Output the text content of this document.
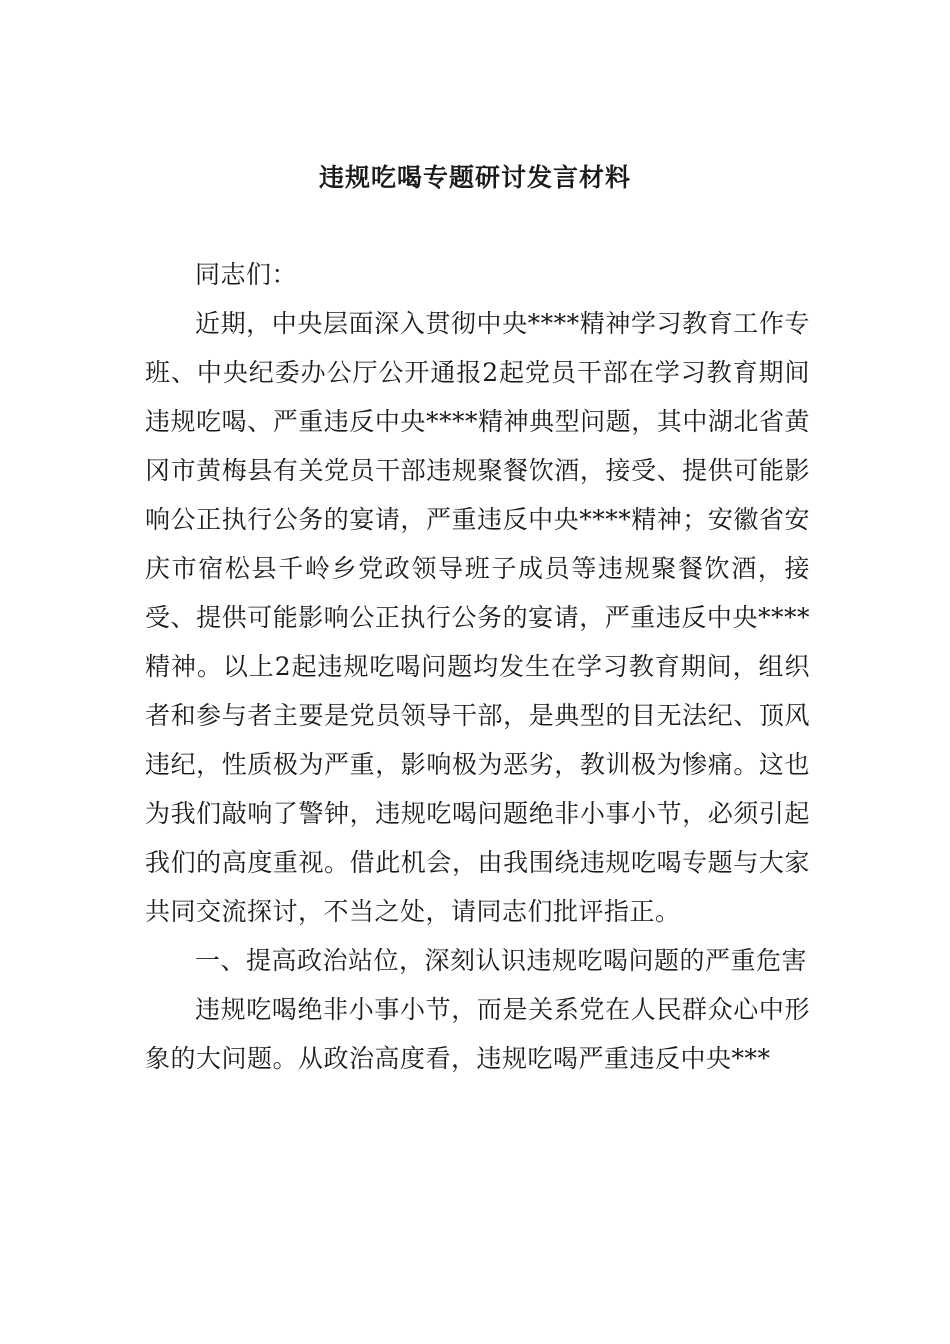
违规吃喝专题研讨发言材料

同志们：

近期，中央层面深入贯彻中央****精神学习教育工作专班、中央纪委办公厅公开通报2起党员干部在学习教育期间违规吃喝、严重违反中央****精神典型问题，其中湖北省黄冈市黄梅县有关党员干部违规聚餐饮酒，接受、提供可能影响公正执行公务的宴请，严重违反中央****精神；安徽省安庆市宿松县千岭乡党政领导班子成员等违规聚餐饮酒，接受、提供可能影响公正执行公务的宴请，严重违反中央****精神。以上2起违规吃喝问题均发生在学习教育期间，组织者和参与者主要是党员领导干部，是典型的目无法纪、顶风违纪，性质极为严重，影响极为恶劣，教训极为惨痛。这也为我们敲响了警钟，违规吃喝问题绝非小事小节，必须引起我们的高度重视。借此机会，由我围绕违规吃喝专题与大家共同交流探讨，不当之处，请同志们批评指正。

一、提高政治站位，深刻认识违规吃喝问题的严重危害

违规吃喝绝非小事小节，而是关系党在人民群众心中形象的大问题。从政治高度看，违规吃喝严重违反中央***
